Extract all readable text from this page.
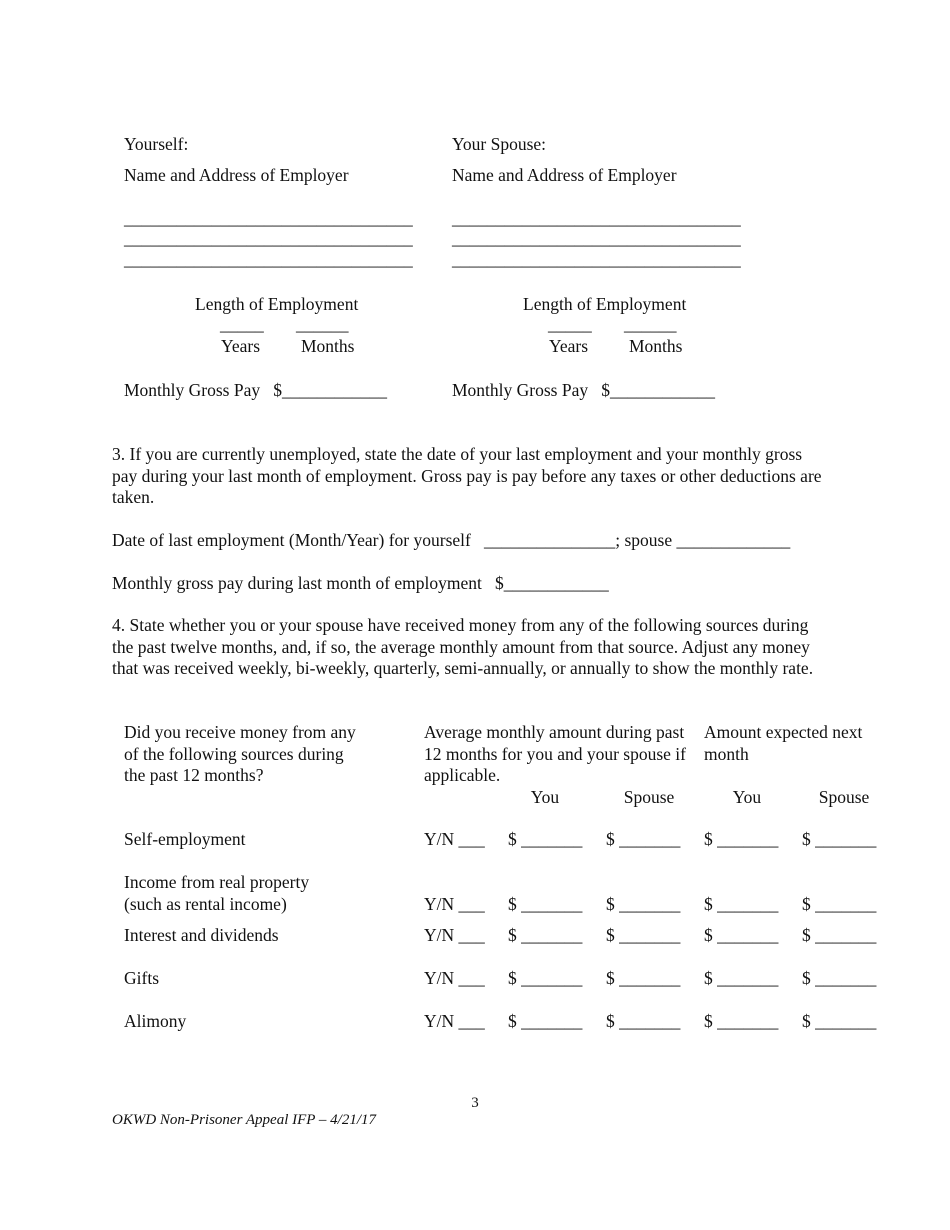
Yourself:
Name and Address of Employer
_________________________________
_________________________________
_________________________________
Length of Employment
_____ ______
Years Months
Monthly Gross Pay   $____________
Your Spouse:
Name and Address of Employer
_________________________________
_________________________________
_________________________________
Length of Employment
_____ ______
Years Months
Monthly Gross Pay   $____________
3. If you are currently unemployed, state the date of your last employment and your monthly gross pay during your last month of employment. Gross pay is pay before any taxes or other deductions are taken.
Date of last employment (Month/Year) for yourself   _______________; spouse _____________
Monthly gross pay during last month of employment   $____________
4. State whether you or your spouse have received money from any of the following sources during the past twelve months, and, if so, the average monthly amount from that source. Adjust any money that was received weekly, bi-weekly, quarterly, semi-annually, or annually to show the monthly rate.
Did you receive money from any of the following sources during the past 12 months?
Average monthly amount during past 12 months for you and your spouse if applicable.
Amount expected next month
You	Spouse	You	Spouse
Self-employment	Y/N ___ $ _______ $ _______ $ _______ $ _______
Income from real property (such as rental income)	Y/N ___ $ _______ $ _______ $ _______ $ _______
Interest and dividends	Y/N ___ $ _______ $ _______ $ _______ $ _______
Gifts	Y/N ___ $ _______ $ _______ $ _______ $ _______
Alimony	Y/N ___ $ _______ $ _______ $ _______ $ _______
3
OKWD Non-Prisoner Appeal IFP – 4/21/17
